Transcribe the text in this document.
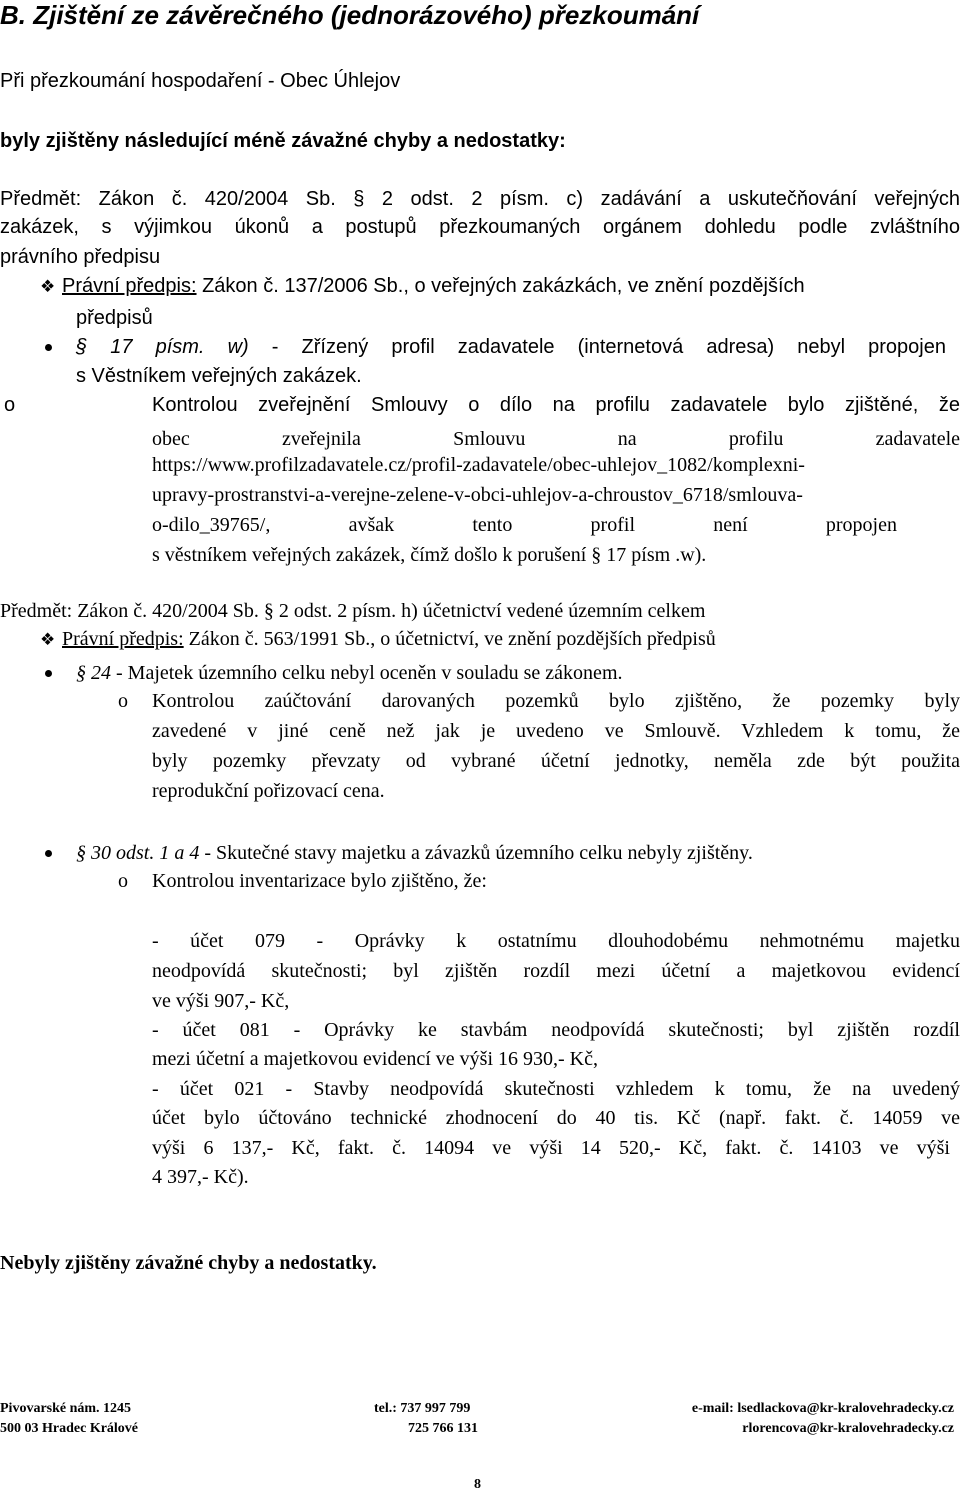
B. Zjištění ze závěrečného (jednorázového) přezkoumání
Při přezkoumání hospodaření - Obec Úhlejov
byly zjištěny následující méně závažné chyby a nedostatky:
Předmět: Zákon č. 420/2004 Sb. § 2 odst. 2 písm. c) zadávání a uskutečňování veřejných
zakázek, s výjimkou úkonů a postupů přezkoumaných orgánem dohledu podle zvláštního
právního předpisu
❖ Právní předpis: Zákon č. 137/2006 Sb., o veřejných zakázkách, ve znění pozdějších
předpisů
§ 17 písm. w) - Zřízený profil zadavatele (internetová adresa) nebyl propojen
s Věstníkem veřejných zakázek.
o	Kontrolou zveřejnění Smlouvy o dílo na profilu zadavatele bylo zjištěné, že
obec zveřejnila Smlouvu na profilu zadavatele
https://www.profilzadavatele.cz/profil-zadavatele/obec-uhlejov_1082/komplexni-
upravy-prostranstvi-a-verejne-zelene-v-obci-uhlejov-a-chroustov_6718/smlouva-
o-dilo_39765/, avšak tento profil není propojen
s věstníkem veřejných zakázek, čímž došlo k porušení § 17 písm .w).
Předmět: Zákon č. 420/2004 Sb. § 2 odst. 2 písm. h) účetnictví vedené územním celkem
❖ Právní předpis: Zákon č. 563/1991 Sb., o účetnictví, ve znění pozdějších předpisů
§ 24 - Majetek územního celku nebyl oceněn v souladu se zákonem.
o Kontrolou zaúčtování darovaných pozemků bylo zjištěno, že pozemky byly
zavedené v jiné ceně než jak je uvedeno ve Smlouvě. Vzhledem k tomu, že
byly pozemky převzaty od vybrané účetní jednotky, neměla zde být použita
reprodukční pořizovací cena.
§ 30 odst. 1 a 4 - Skutečné stavy majetku a závazků územního celku nebyly zjištěny.
o Kontrolou inventarizace bylo zjištěno, že:
- účet 079 - Oprávky k ostatnímu dlouhodobému nehmotnému majetku
neodpovídá skutečnosti; byl zjištěn rozdíl mezi účetní a majetkovou evidencí
ve výši 907,- Kč,
- účet 081 - Oprávky ke stavbám neodpovídá skutečnosti; byl zjištěn rozdíl
mezi účetní a majetkovou evidencí ve výši 16 930,- Kč,
- účet 021 - Stavby neodpovídá skutečnosti vzhledem k tomu, že na uvedený
účet bylo účtováno technické zhodnocení do 40 tis. Kč (např. fakt. č. 14059 ve
výši 6 137,- Kč, fakt. č. 14094 ve výši 14 520,- Kč, fakt. č. 14103 ve výši
4 397,- Kč).
Nebyly zjištěny závažné chyby a nedostatky.
Pivovarské nám. 1245
500 03 Hradec Králové
tel.: 737 997 799
725 766 131
e-mail: lsedlackova@kr-kralovehradecky.cz
rlorencova@kr-kralovehradecky.cz
8
